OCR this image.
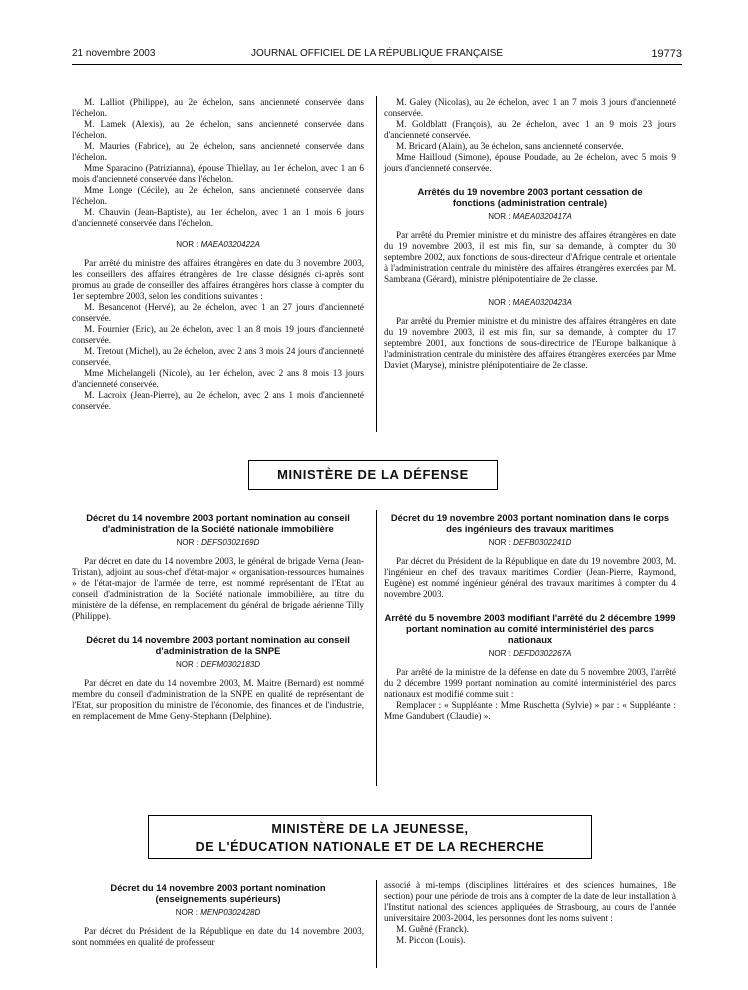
21 novembre 2003	JOURNAL OFFICIEL DE LA RÉPUBLIQUE FRANÇAISE	19773

M. Lalliot (Philippe), au 2e échelon, sans ancienneté conservée dans l'échelon.

M. Lamek (Alexis), au 2e échelon, sans ancienneté conservée dans l'échelon.

M. Mauries (Fabrice), au 2e échelon, sans ancienneté conservée dans l'échelon.

Mme Sparacino (Patrizianna), épouse Thiellay, au 1er échelon, avec 1 an 6 mois d'ancienneté conservée dans l'échelon.

Mme Longe (Cécile), au 2e échelon, sans ancienneté conservée dans l'échelon.

M. Chauvin (Jean-Baptiste), au 1er échelon, avec 1 an 1 mois 6 jours d'ancienneté conservée dans l'échelon.

NOR : MAEA0320422A

Par arrêté du ministre des affaires étrangères en date du 3 novembre 2003, les conseillers des affaires étrangères de 1re classe désignés ci-après sont promus au grade de conseiller des affaires étrangères hors classe à compter du 1er septembre 2003, selon les conditions suivantes :

M. Besancenot (Hervé), au 2e échelon, avec 1 an 27 jours d'ancienneté conservée.

M. Fournier (Eric), au 2e échelon, avec 1 an 8 mois 19 jours d'ancienneté conservée.

M. Tretout (Michel), au 2e échelon, avec 2 ans 3 mois 24 jours d'ancienneté conservée.

Mme Michelangeli (Nicole), au 1er échelon, avec 2 ans 8 mois 13 jours d'ancienneté conservée.

M. Lacroix (Jean-Pierre), au 2e échelon, avec 2 ans 1 mois d'ancienneté conservée.

M. Galey (Nicolas), au 2e échelon, avec 1 an 7 mois 3 jours d'ancienneté conservée.

M. Goldblatt (François), au 2e échelon, avec 1 an 9 mois 23 jours d'ancienneté conservée.

M. Bricard (Alain), au 3e échelon, sans ancienneté conservée.

Mme Hailloud (Simone), épouse Poudade, au 2e échelon, avec 5 mois 9 jours d'ancienneté conservée.

Arrêtés du 19 novembre 2003 portant cessation de fonctions (administration centrale)

NOR : MAEA0320417A

Par arrêté du Premier ministre et du ministre des affaires étrangères en date du 19 novembre 2003, il est mis fin, sur sa demande, à compter du 30 septembre 2002, aux fonctions de sous-directeur d'Afrique centrale et orientale à l'administration centrale du ministère des affaires étrangères exercées par M. Sambrana (Gérard), ministre plénipotentiaire de 2e classe.

NOR : MAEA0320423A

Par arrêté du Premier ministre et du ministre des affaires étrangères en date du 19 novembre 2003, il est mis fin, sur sa demande, à compter du 17 septembre 2001, aux fonctions de sous-directrice de l'Europe balkanique à l'administration centrale du ministère des affaires étrangères exercées par Mme Daviet (Maryse), ministre plénipotentiaire de 2e classe.

MINISTÈRE DE LA DÉFENSE

Décret du 14 novembre 2003 portant nomination au conseil d'administration de la Société nationale immobilière

NOR : DEFS0302169D

Par décret en date du 14 novembre 2003, le général de brigade Verna (Jean-Tristan), adjoint au sous-chef d'état-major « organisation-ressources humaines » de l'état-major de l'armée de terre, est nommé représentant de l'Etat au conseil d'administration de la Société nationale immobilière, au titre du ministère de la défense, en remplacement du général de brigade aérienne Tilly (Philippe).

Décret du 14 novembre 2003 portant nomination au conseil d'administration de la SNPE

NOR : DEFM0302183D

Par décret en date du 14 novembre 2003, M. Maitre (Bernard) est nommé membre du conseil d'administration de la SNPE en qualité de représentant de l'Etat, sur proposition du ministre de l'économie, des finances et de l'industrie, en remplacement de Mme Geny-Stephann (Delphine).

Décret du 19 novembre 2003 portant nomination dans le corps des ingénieurs des travaux maritimes

NOR : DEFB0302241D

Par décret du Président de la République en date du 19 novembre 2003, M. l'ingénieur en chef des travaux maritimes Cordier (Jean-Pierre, Raymond, Eugène) est nommé ingénieur général des travaux maritimes à compter du 4 novembre 2003.

Arrêté du 5 novembre 2003 modifiant l'arrêté du 2 décembre 1999 portant nomination au comité interministériel des parcs nationaux

NOR : DEFD0302267A

Par arrêté de la ministre de la défense en date du 5 novembre 2003, l'arrêté du 2 décembre 1999 portant nomination au comité interministériel des parcs nationaux est modifié comme suit :

Remplacer : « Suppléante : Mme Ruschetta (Sylvie) » par : « Suppléante : Mme Gandubert (Claudie) ».

MINISTÈRE DE LA JEUNESSE,
DE L'ÉDUCATION NATIONALE ET DE LA RECHERCHE

Décret du 14 novembre 2003 portant nomination (enseignements supérieurs)

NOR : MENP0302428D

Par décret du Président de la République en date du 14 novembre 2003, sont nommées en qualité de professeur

associé à mi-temps (disciplines littéraires et des sciences humaines, 18e section) pour une période de trois ans à compter de la date de leur installation à l'Institut national des sciences appliquées de Strasbourg, au cours de l'année universitaire 2003-2004, les personnes dont les noms suivent :

M. Guêné (Franck).

M. Piccon (Louis).
